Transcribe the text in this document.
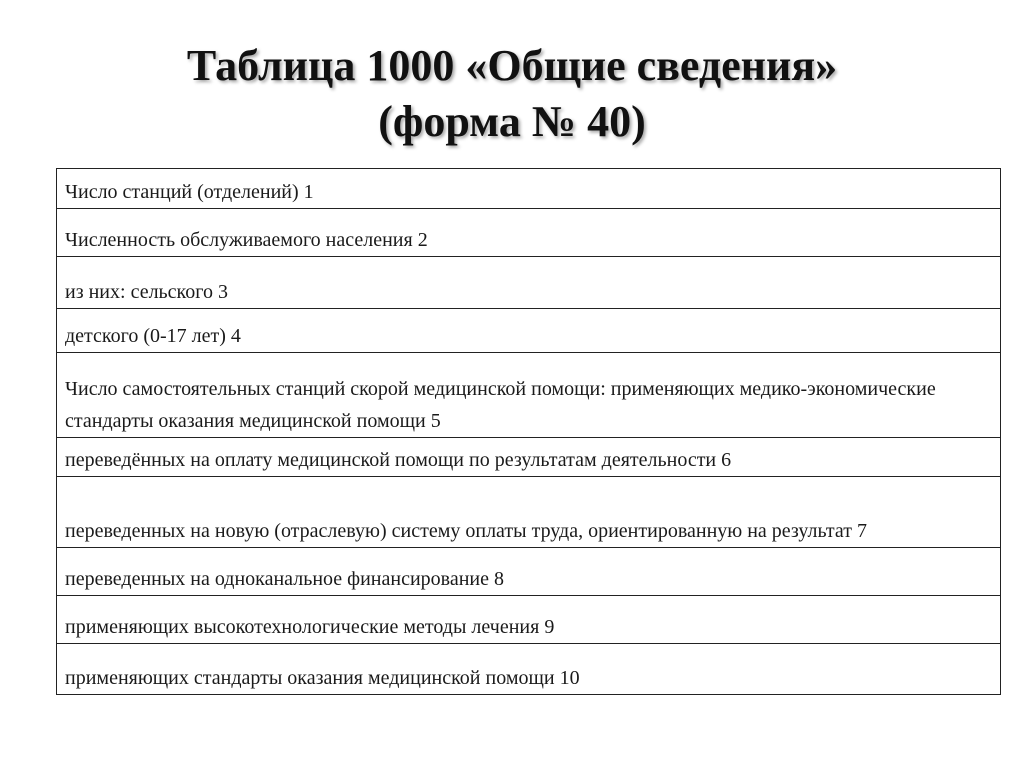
Таблица 1000 «Общие сведения»
(форма № 40)
Число станций (отделений) 1
Численность обслуживаемого населения 2
из них: сельского 3
детского (0-17 лет) 4
Число самостоятельных станций скорой медицинской помощи: применяющих медико-экономические стандарты оказания медицинской помощи 5
переведённых на оплату медицинской помощи по результатам деятельности 6
переведенных на новую (отраслевую) систему оплаты труда, ориентированную на результат 7
переведенных на одноканальное финансирование 8
применяющих высокотехнологические методы лечения 9
применяющих стандарты оказания медицинской помощи 10
